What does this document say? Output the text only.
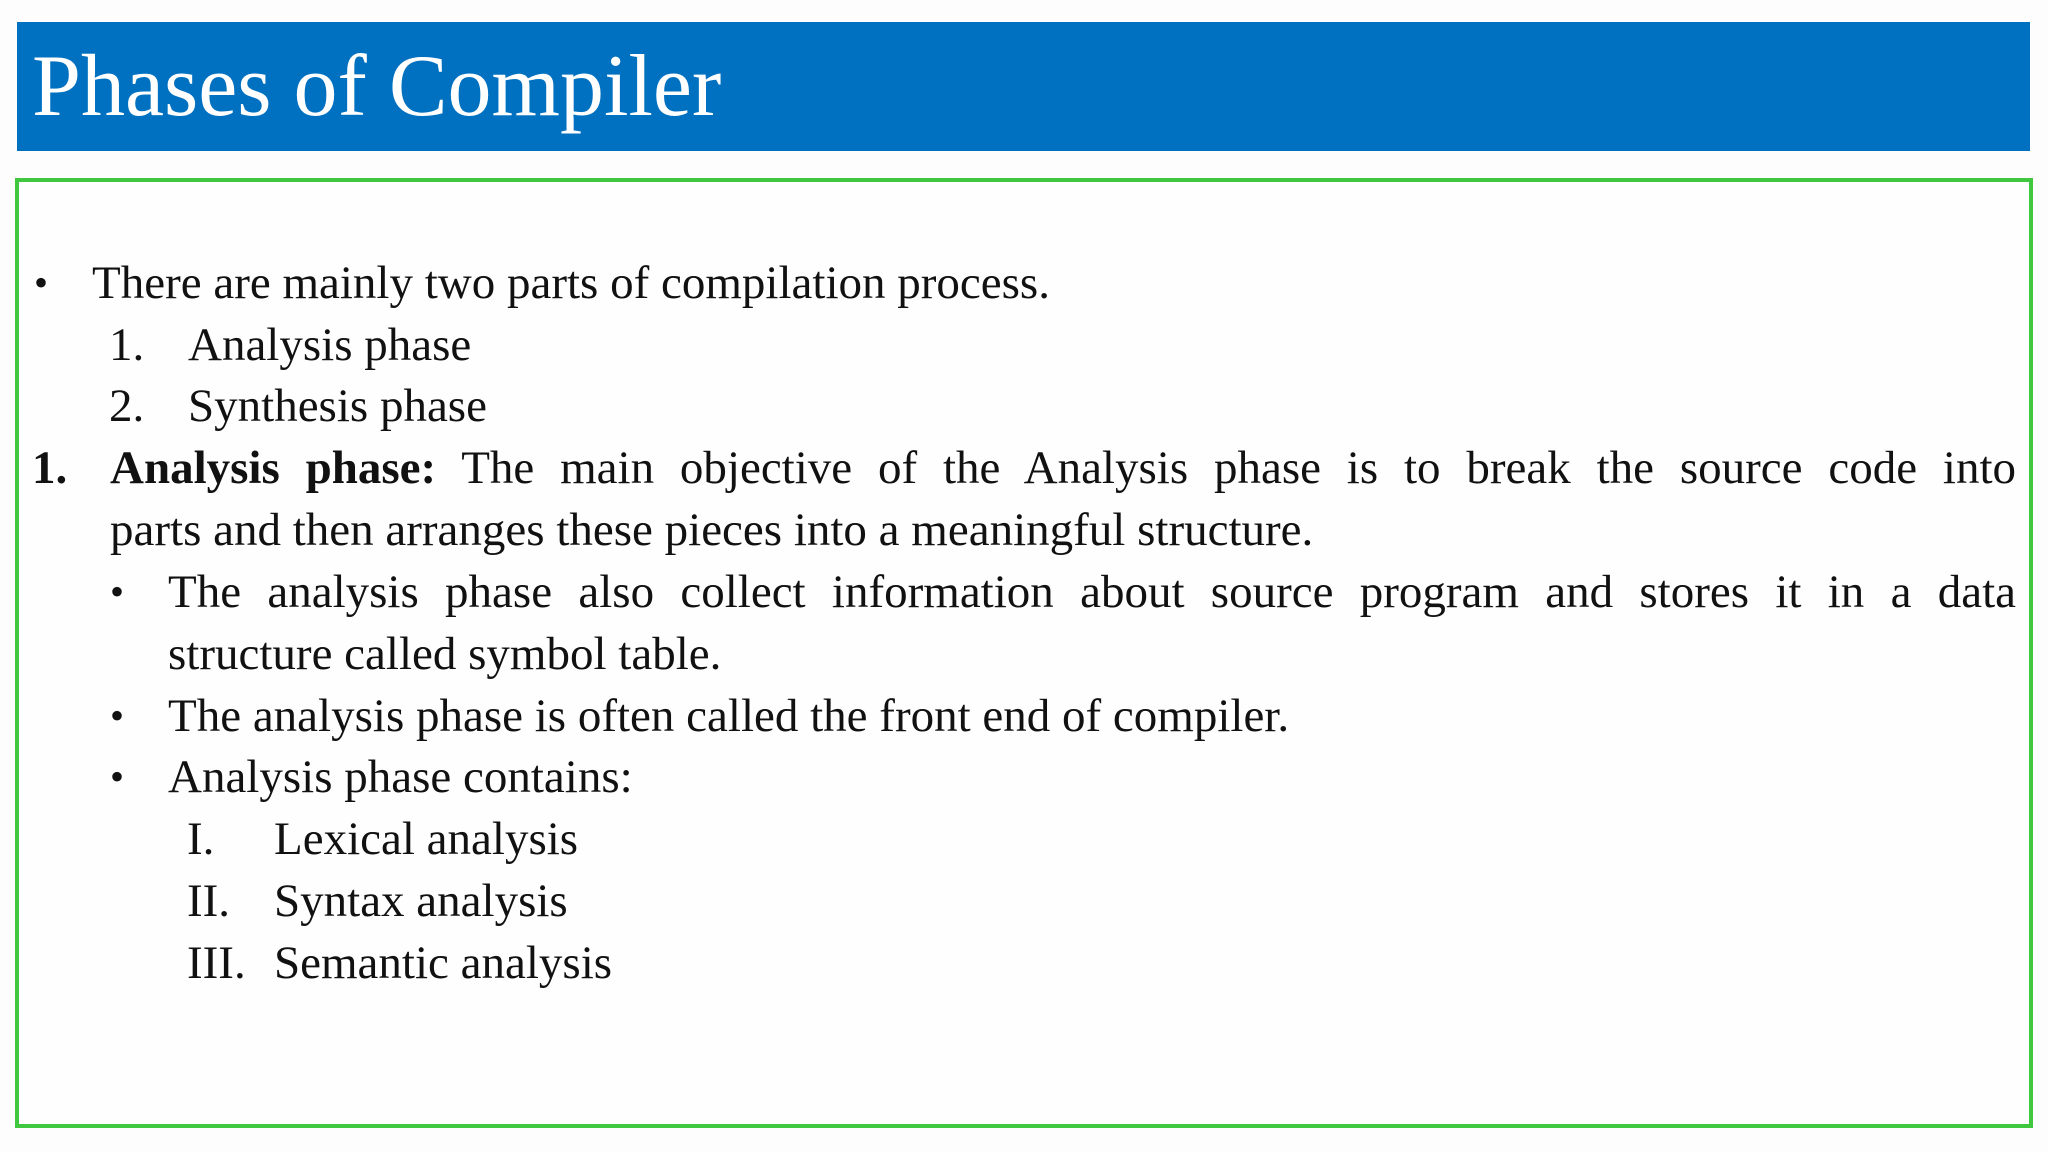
Phases of Compiler
• There are mainly two parts of compilation process.
1. Analysis phase
2. Synthesis phase
1. Analysis phase: The main objective of the Analysis phase is to break the source code into
parts and then arranges these pieces into a meaningful structure.
• The analysis phase also collect information about source program and stores it in a data
structure called symbol table.
• The analysis phase is often called the front end of compiler.
• Analysis phase contains:
I. Lexical analysis
II. Syntax analysis
III. Semantic analysis
